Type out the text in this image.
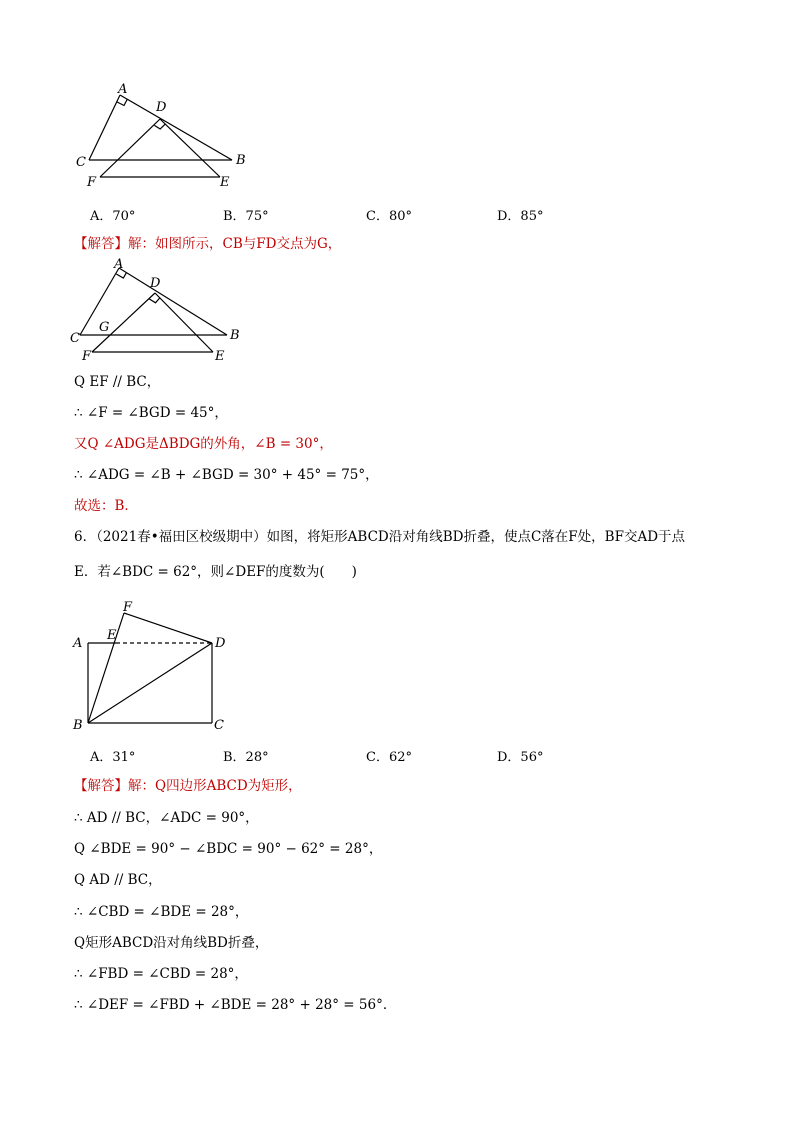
A
D
C	B
F	E
A．70°	B．75°	C．80°	D．85°
【解答】解：如图所示，CB与FD交点为G，
A
D
C
G
B
F	E
Q EF // BC，
∴ ∠F = ∠BGD = 45°，
又Q ∠ADG是ΔBDG的外角，∠B = 30°，
∴ ∠ADG = ∠B + ∠BGD = 30° + 45° = 75°，
故选：B．
6．（2021春•福田区校级期中）如图，将矩形ABCD沿对角线BD折叠，使点C落在F处，BF交AD于点
E．若∠BDC = 62°，则∠DEF的度数为(　　)
F
E
A	D
B	C
A．31°	B．28°	C．62°	D．56°
【解答】解：Q四边形ABCD为矩形，
∴ AD // BC，∠ADC = 90°，
Q ∠BDE = 90° − ∠BDC = 90° − 62° = 28°，
Q AD // BC，
∴ ∠CBD = ∠BDE = 28°，
Q矩形ABCD沿对角线BD折叠，
∴ ∠FBD = ∠CBD = 28°，
∴ ∠DEF = ∠FBD + ∠BDE = 28° + 28° = 56°．
